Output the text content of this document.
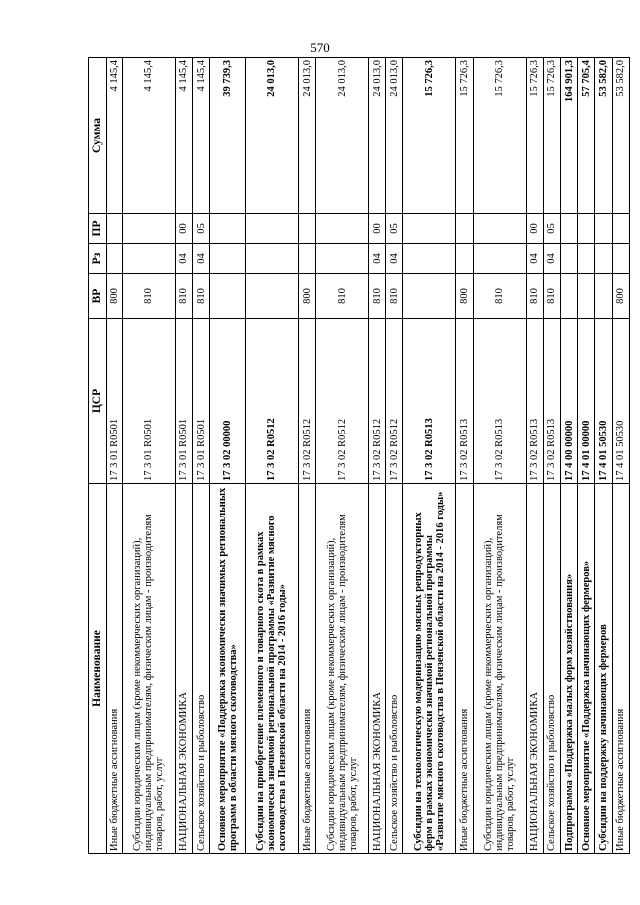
570
Наименование	ЦСР	ВР	Рз	ПР	Сумма
Иные бюджетные ассигнования	17 3 01 R0501	800			4 145,4
Субсидии юридическим лицам (кроме некоммерческих организаций), индивидуальным предпринимателям, физическим лицам - производителям товаров, работ, услуг	17 3 01 R0501	810			4 145,4
НАЦИОНАЛЬНАЯ ЭКОНОМИКА	17 3 01 R0501	810	04	00	4 145,4
Сельское хозяйство и рыболовство	17 3 01 R0501	810	04	05	4 145,4
Основное мероприятие «Поддержка экономически значимых региональных программ в области мясного скотоводства»	17 3 02 00000				39 739,3
Субсидии на приобретение племенного и товарного скота в рамках экономически значимой региональной программы «Развитие мясного скотоводства в Пензенской области на 2014 - 2016 годы»	17 3 02 R0512				24 013,0
Иные бюджетные ассигнования	17 3 02 R0512	800			24 013,0
Субсидии юридическим лицам (кроме некоммерческих организаций), индивидуальным предпринимателям, физическим лицам - производителям товаров, работ, услуг	17 3 02 R0512	810			24 013,0
НАЦИОНАЛЬНАЯ ЭКОНОМИКА	17 3 02 R0512	810	04	00	24 013,0
Сельское хозяйство и рыболовство	17 3 02 R0512	810	04	05	24 013,0
Субсидии на технологическую модернизацию мясных репродукторных ферм в рамках экономически значимой региональной программы «Развитие мясного скотоводства в Пензенской области на 2014 - 2016 годы»	17 3 02 R0513				15 726,3
Иные бюджетные ассигнования	17 3 02 R0513	800			15 726,3
Субсидии юридическим лицам (кроме некоммерческих организаций), индивидуальным предпринимателям, физическим лицам - производителям товаров, работ, услуг	17 3 02 R0513	810			15 726,3
НАЦИОНАЛЬНАЯ ЭКОНОМИКА	17 3 02 R0513	810	04	00	15 726,3
Сельское хозяйство и рыболовство	17 3 02 R0513	810	04	05	15 726,3
Подпрограмма «Поддержка малых форм хозяйствования»	17 4 00 00000				164 901,3
Основное мероприятие «Поддержка начинающих фермеров»	17 4 01 00000				57 705,4
Субсидии на поддержку начинающих фермеров	17 4 01 50530				53 582,0
Иные бюджетные ассигнования	17 4 01 50530	800			53 582,0
